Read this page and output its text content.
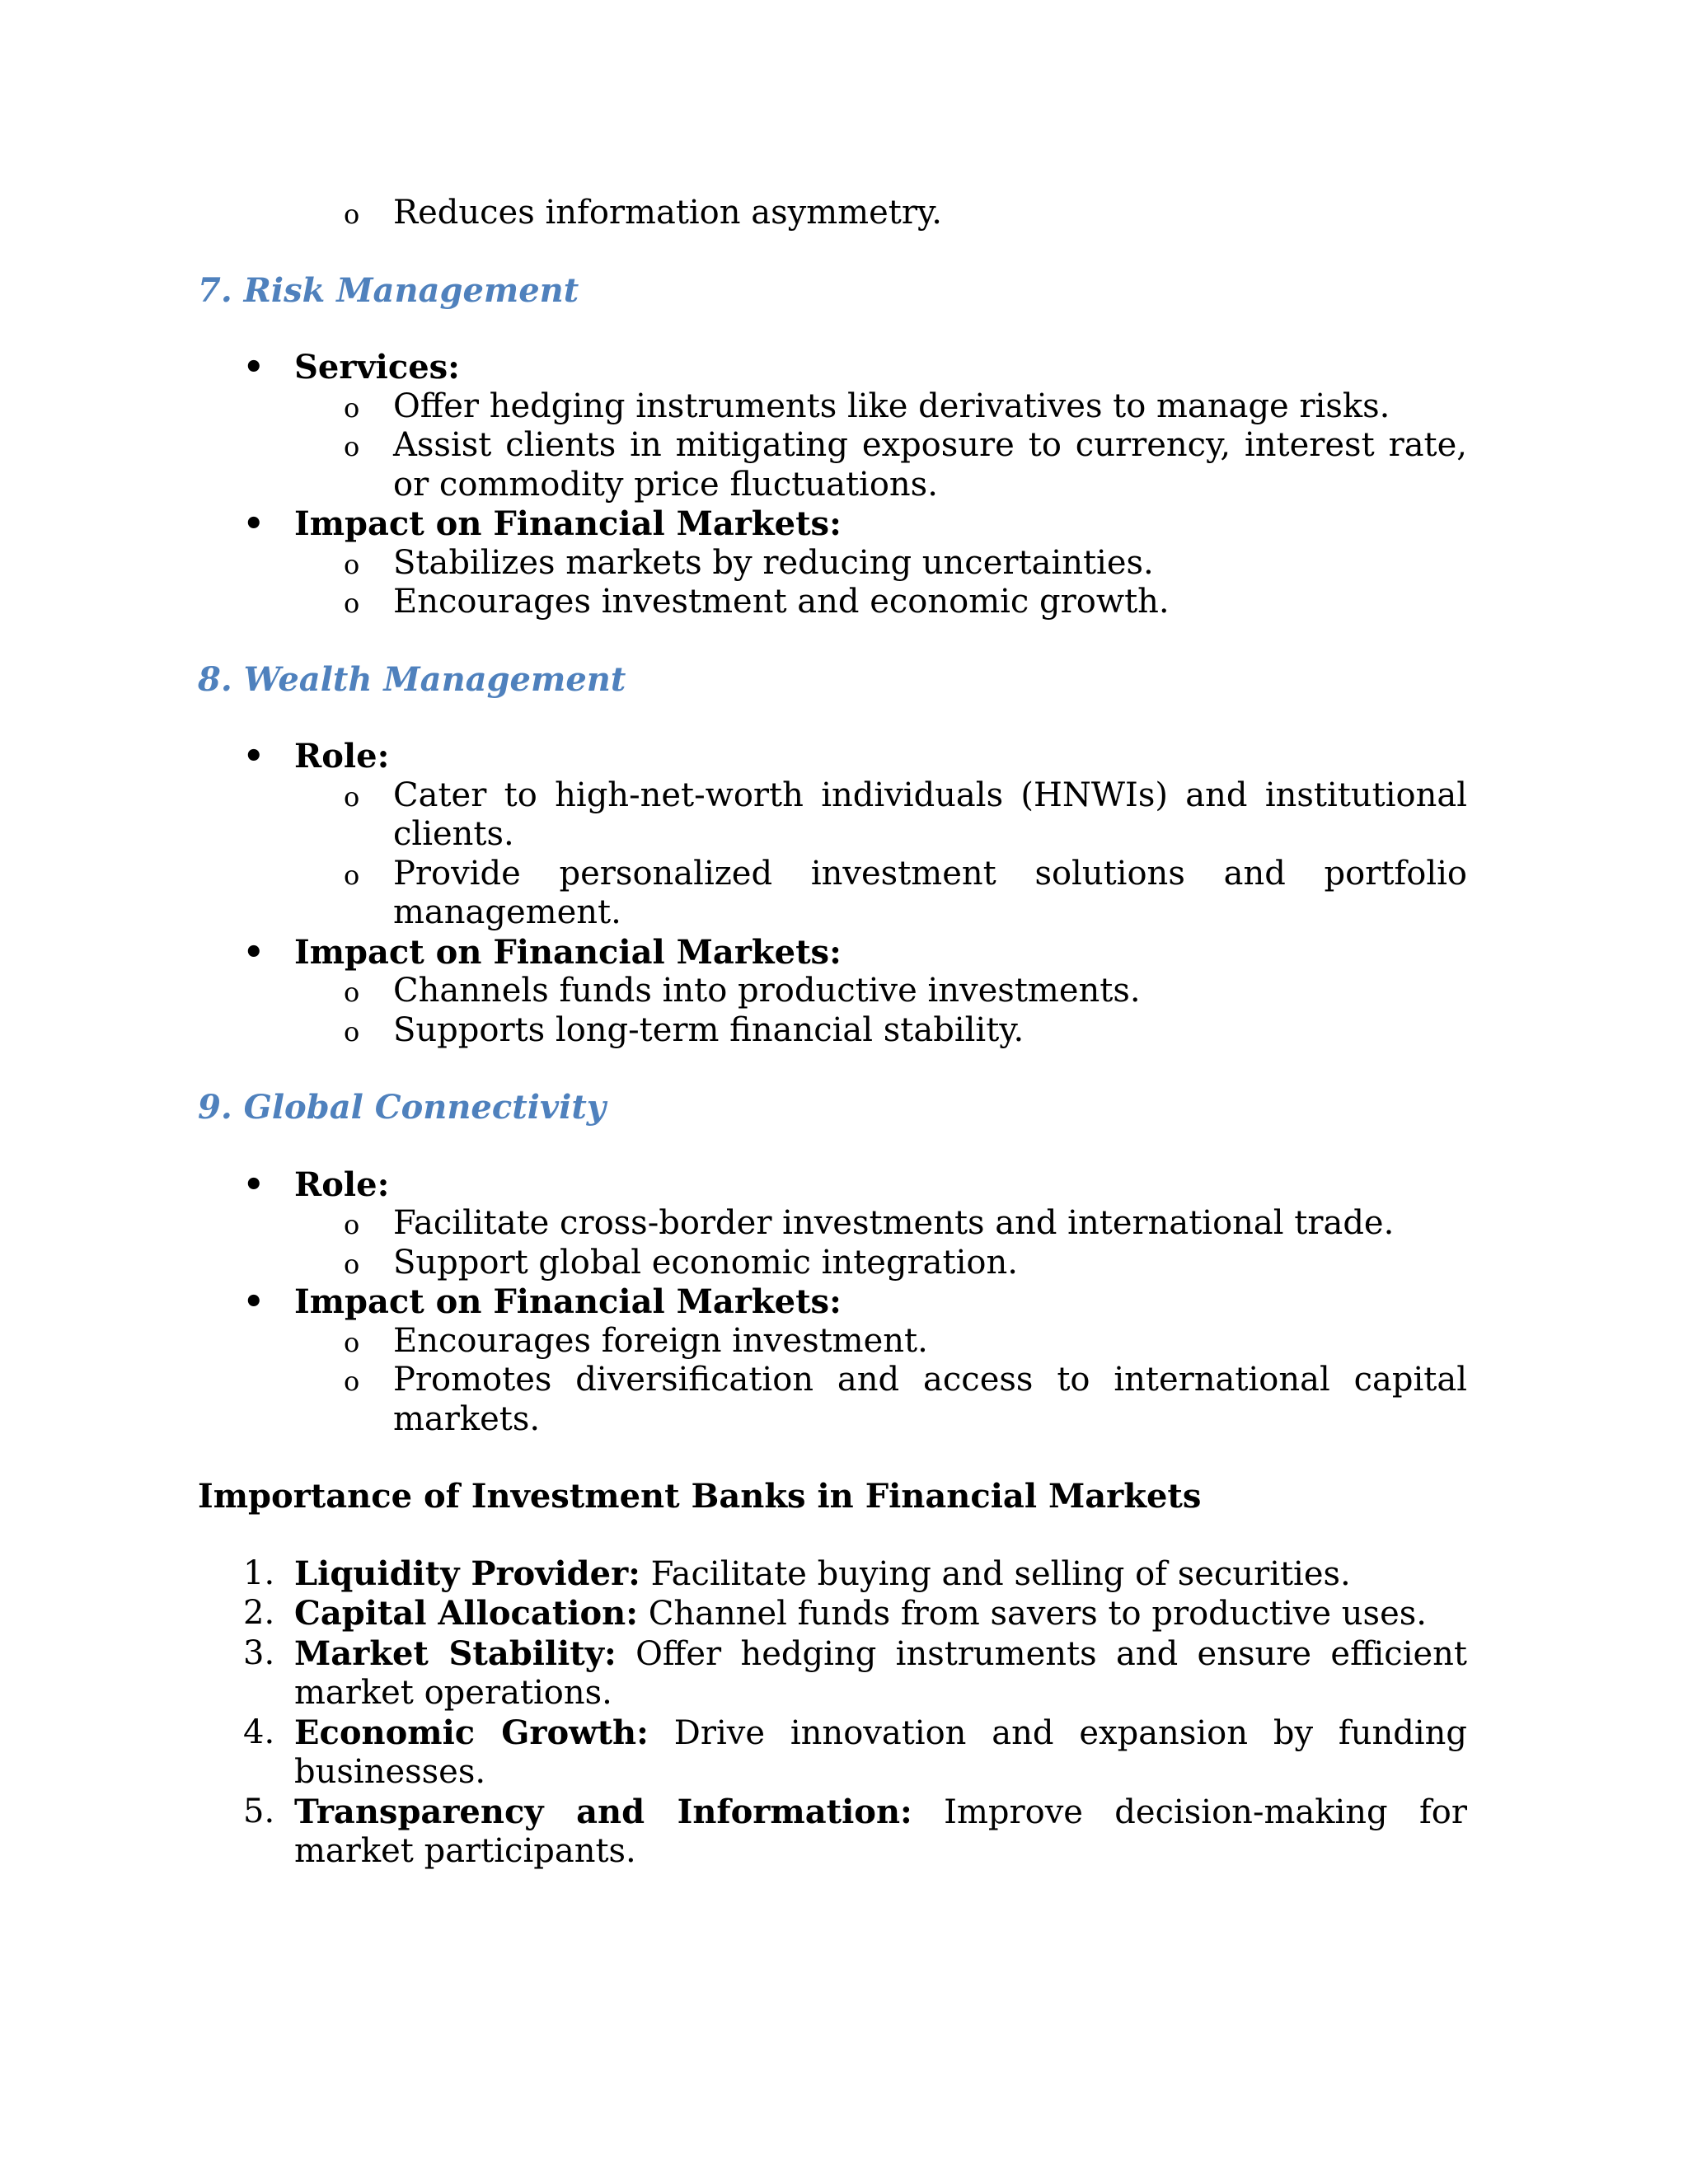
o Reduces information asymmetry.
7. Risk Management
• Services:
o Offer hedging instruments like derivatives to manage risks.
o Assist clients in mitigating exposure to currency, interest rate, or commodity price fluctuations.
• Impact on Financial Markets:
o Stabilizes markets by reducing uncertainties.
o Encourages investment and economic growth.
8. Wealth Management
• Role:
o Cater to high-net-worth individuals (HNWIs) and institutional clients.
o Provide personalized investment solutions and portfolio management.
• Impact on Financial Markets:
o Channels funds into productive investments.
o Supports long-term financial stability.
9. Global Connectivity
• Role:
o Facilitate cross-border investments and international trade.
o Support global economic integration.
• Impact on Financial Markets:
o Encourages foreign investment.
o Promotes diversification and access to international capital markets.
Importance of Investment Banks in Financial Markets
1. Liquidity Provider: Facilitate buying and selling of securities.
2. Capital Allocation: Channel funds from savers to productive uses.
3. Market Stability: Offer hedging instruments and ensure efficient market operations.
4. Economic Growth: Drive innovation and expansion by funding businesses.
5. Transparency and Information: Improve decision-making for market participants.
